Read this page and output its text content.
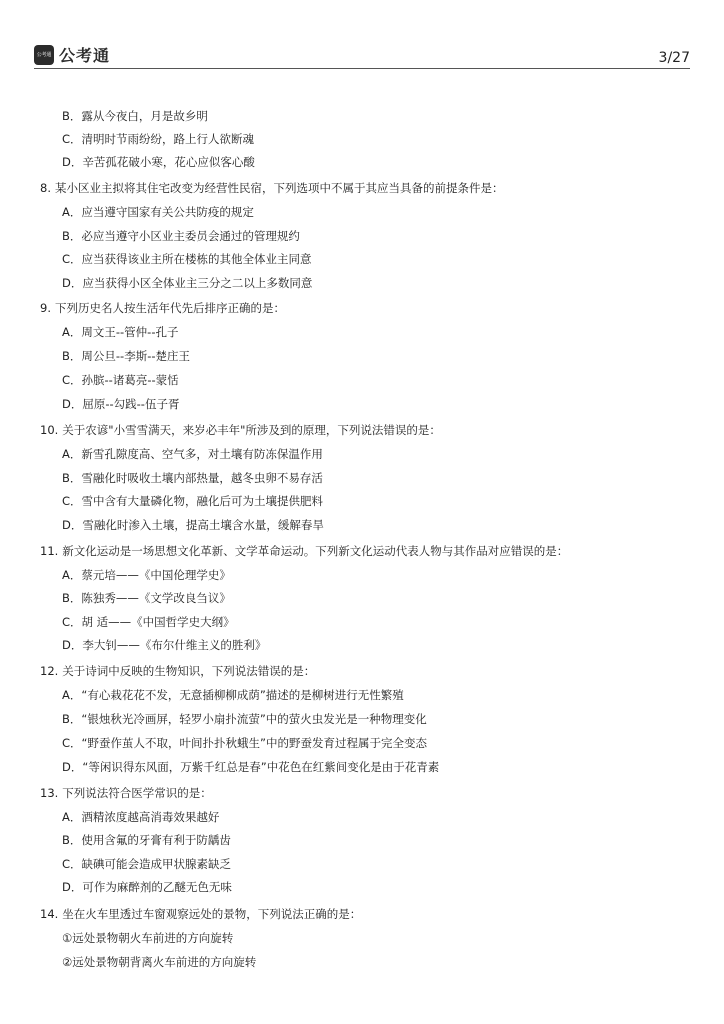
公考通 公考通	3/27
B．露从今夜白，月是故乡明
C．清明时节雨纷纷，路上行人欲断魂
D．辛苦孤花破小寒，花心应似客心酸
8. 某小区业主拟将其住宅改变为经营性民宿，下列选项中不属于其应当具备的前提条件是：
A．应当遵守国家有关公共防疫的规定
B．必应当遵守小区业主委员会通过的管理规约
C．应当获得该业主所在楼栋的其他全体业主同意
D．应当获得小区全体业主三分之二以上多数同意
9. 下列历史名人按生活年代先后排序正确的是：
A．周文王--管仲--孔子
B．周公旦--李斯--楚庄王
C．孙膑--诸葛亮--蒙恬
D．屈原--勾践--伍子胥
10. 关于农谚"小雪雪满天，来岁必丰年"所涉及到的原理，下列说法错误的是：
A．新雪孔隙度高、空气多，对土壤有防冻保温作用
B．雪融化时吸收土壤内部热量，越冬虫卵不易存活
C．雪中含有大量磷化物，融化后可为土壤提供肥料
D．雪融化时渗入土壤，提高土壤含水量，缓解春旱
11. 新文化运动是一场思想文化革新、文学革命运动。下列新文化运动代表人物与其作品对应错误的是：
A．蔡元培——《中国伦理学史》
B．陈独秀——《文学改良刍议》
C．胡 适——《中国哲学史大纲》
D．李大钊——《布尔什维主义的胜利》
12. 关于诗词中反映的生物知识，下列说法错误的是：
A．“有心栽花花不发，无意插柳柳成荫”描述的是柳树进行无性繁殖
B．“银烛秋光冷画屏，轻罗小扇扑流萤”中的萤火虫发光是一种物理变化
C．“野蚕作茧人不取，叶间扑扑秋蛾生”中的野蚕发育过程属于完全变态
D．“等闲识得东风面，万紫千红总是春”中花色在红紫间变化是由于花青素
13. 下列说法符合医学常识的是：
A．酒精浓度越高消毒效果越好
B．使用含氟的牙膏有利于防龋齿
C．缺碘可能会造成甲状腺素缺乏
D．可作为麻醉剂的乙醚无色无味
14. 坐在火车里透过车窗观察远处的景物，下列说法正确的是：
①远处景物朝火车前进的方向旋转
②远处景物朝背离火车前进的方向旋转
